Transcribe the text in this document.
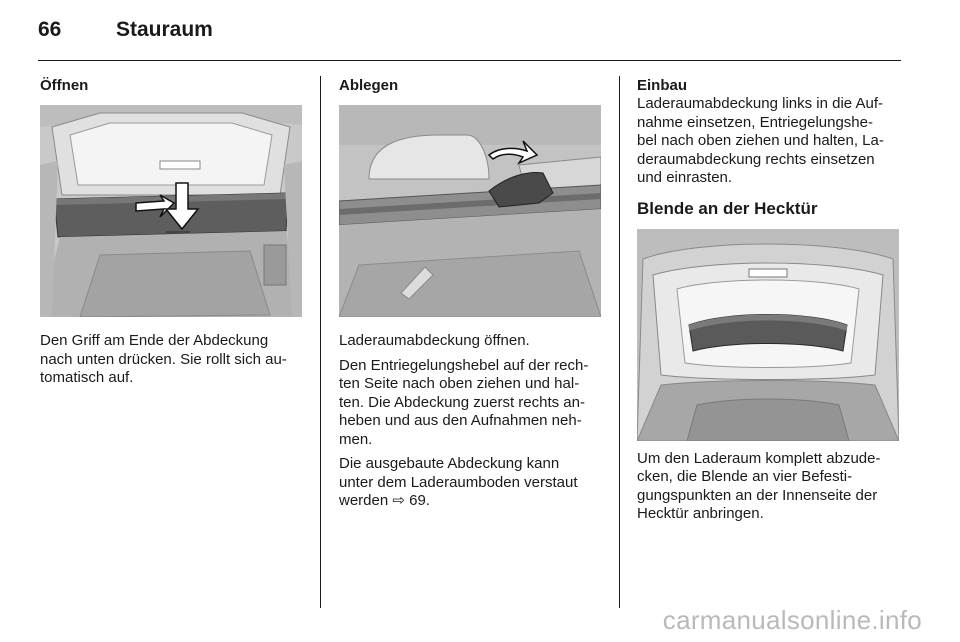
66	Stauraum

Öffnen

Den Griff am Ende der Abdeckung
nach unten drücken. Sie rollt sich au-
tomatisch auf.

Ablegen

Laderaumabdeckung öffnen.

Den Entriegelungshebel auf der rech-
ten Seite nach oben ziehen und hal-
ten. Die Abdeckung zuerst rechts an-
heben und aus den Aufnahmen neh-
men.

Die ausgebaute Abdeckung kann
unter dem Laderaumboden verstaut
werden ⇨ 69.

Einbau

Laderaumabdeckung links in die Auf-
nahme einsetzen, Entriegelungshe-
bel nach oben ziehen und halten, La-
deraumabdeckung rechts einsetzen
und einrasten.

Blende an der Hecktür

Um den Laderaum komplett abzude-
cken, die Blende an vier Befesti-
gungspunkten an der Innenseite der
Hecktür anbringen.

carmanualsonline.info
